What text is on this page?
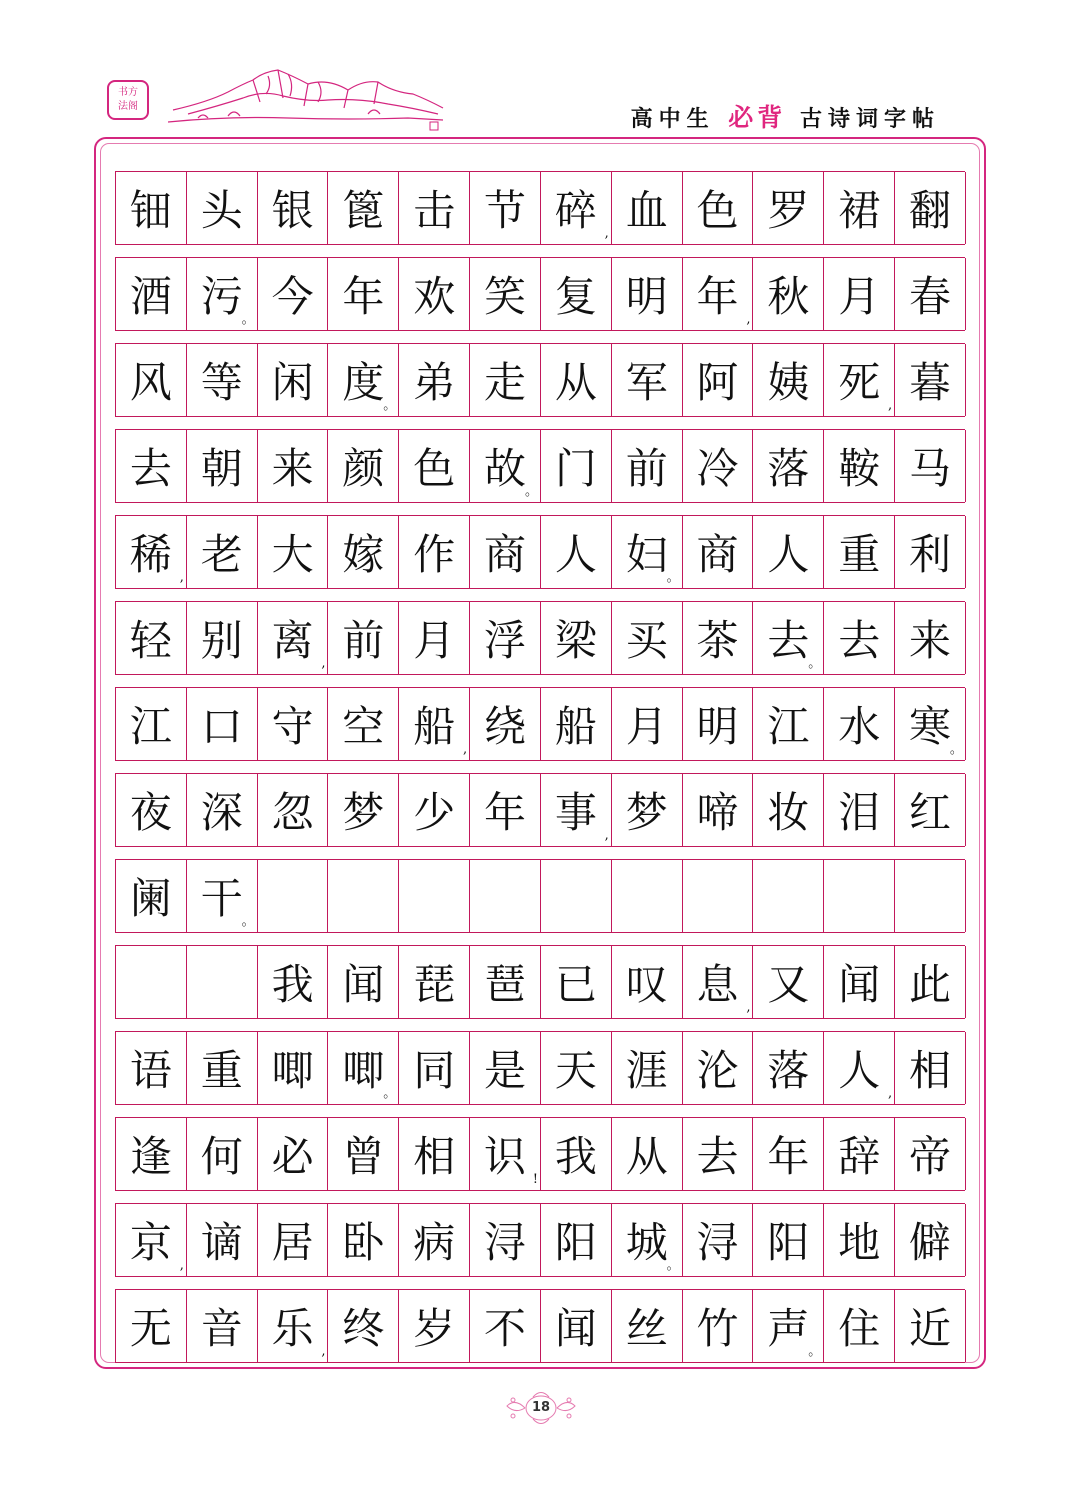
书方
法阁
高中生 必背 古诗词字帖
钿 头 银 篦 击 节 碎 , 血 色 罗 裙 翻
酒 污
。 今 年 欢 笑 复 明 年 , 秋 月 春
风 等 闲 度
。 弟 走 从 军 阿 姨 死 , 暮
去 朝 来 颜 色 故
。 门 前 冷 落 鞍 马
稀 , 老 大 嫁 作 商 人 妇
。 商 人 重 利
轻 别 离 , 前 月 浮 梁 买 茶 去
。 去 来
江 口 守 空 船 , 绕 船 月 明 江 水 寒
。
夜 深 忽 梦 少 年 事 , 梦 啼 妆 泪 红
阑 干
。
我 闻 琵 琶 已 叹 息 , 又 闻 此
语 重 唧 唧
。 同 是 天 涯 沦 落 人 , 相
逢 何 必 曾 相 识 ! 我 从 去 年 辞 帝
京 , 谪 居 卧 病 浔 阳 城
。 浔 阳 地 僻
无 音 乐 , 终 岁 不 闻 丝 竹 声
。 住 近
18
